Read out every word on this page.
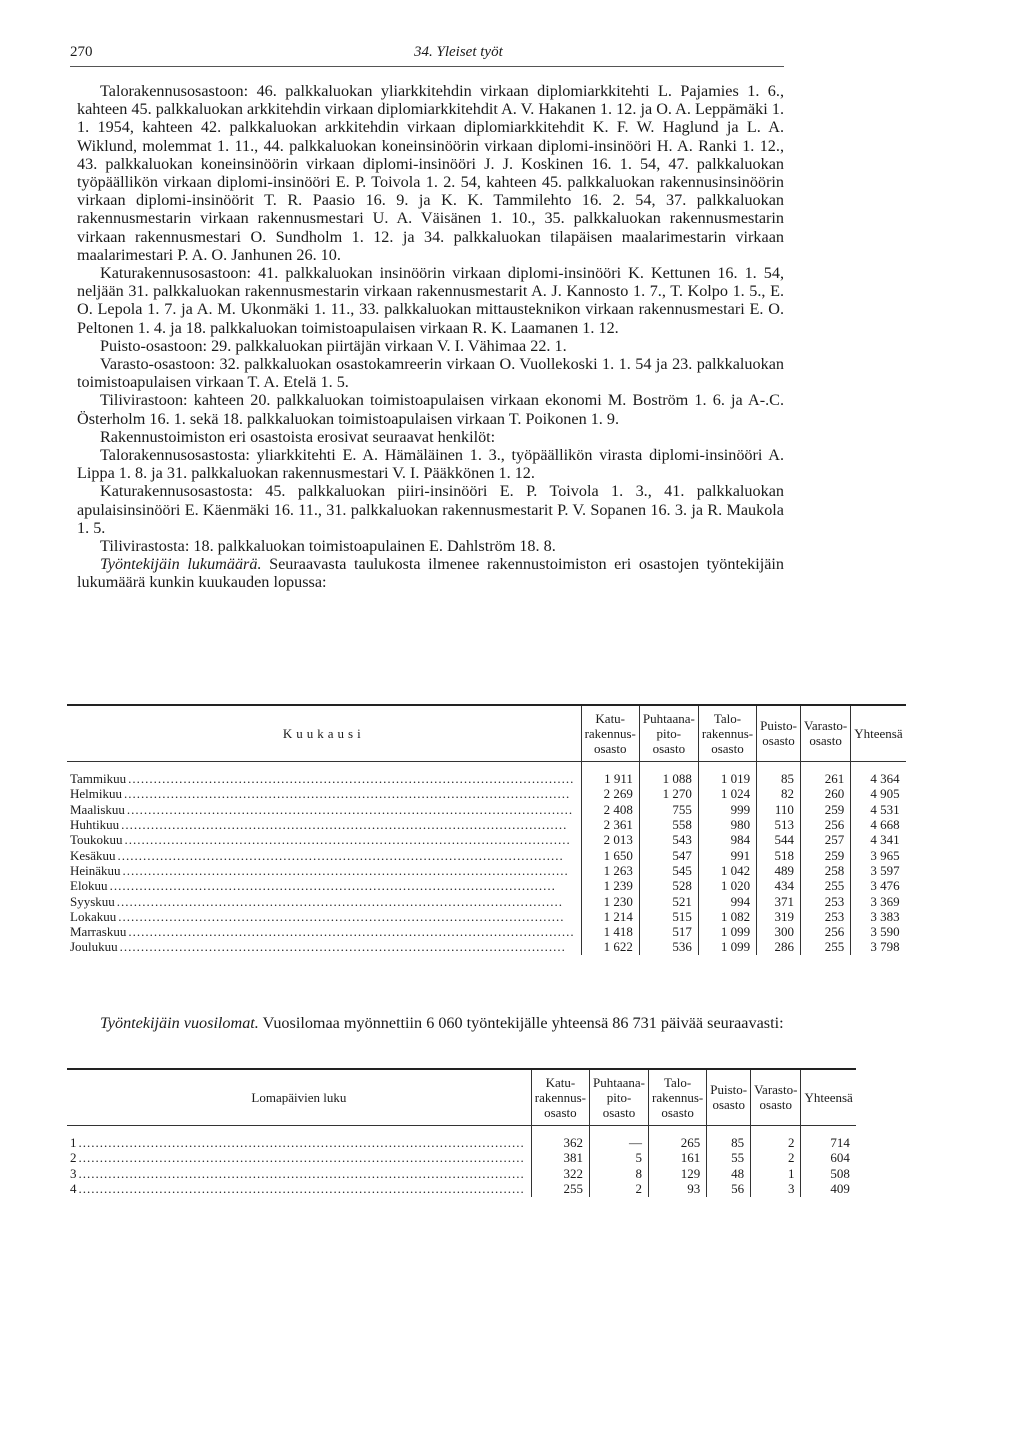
270	34. Yleiset työt

Talorakennusosastoon: 46. palkkaluokan yliarkkitehdin virkaan diplomiarkkitehti L. Pajamies 1. 6., kahteen 45. palkkaluokan arkkitehdin virkaan diplomiarkkitehdit A. V. Hakanen 1. 12. ja O. A. Leppämäki 1. 1. 1954, kahteen 42. palkkaluokan arkkitehdin virkaan diplomiarkkitehdit K. F. W. Haglund ja L. A. Wiklund, molemmat 1. 11., 44. palkkaluokan koneinsinöörin virkaan diplomi-insinööri H. A. Ranki 1. 12., 43. palkkaluokan koneinsinöörin virkaan diplomi-insinööri J. J. Koskinen 16. 1. 54, 47. palkkaluokan työpäällikön virkaan diplomi-insinööri E. P. Toivola 1. 2. 54, kahteen 45. palkkaluokan rakennusinsinöörin virkaan diplomi-insinöörit T. R. Paasio 16. 9. ja K. K. Tammilehto 16. 2. 54, 37. palkkaluokan rakennusmestarin virkaan rakennusmestari U. A. Väisänen 1. 10., 35. palkkaluokan rakennusmestarin virkaan rakennusmestari O. Sundholm 1. 12. ja 34. palkkaluokan tilapäisen maalarimestarin virkaan maalarimestari P. A. O. Janhunen 26. 10.

Katurakennusosastoon: 41. palkkaluokan insinöörin virkaan diplomi-insinööri K. Kettunen 16. 1. 54, neljään 31. palkkaluokan rakennusmestarin virkaan rakennusmestarit A. J. Kannosto 1. 7., T. Kolpo 1. 5., E. O. Lepola 1. 7. ja A. M. Ukonmäki 1. 11., 33. palkkaluokan mittausteknikon virkaan rakennusmestari E. O. Peltonen 1. 4. ja 18. palkkaluokan toimistoapulaisen virkaan R. K. Laamanen 1. 12.

Puisto-osastoon: 29. palkkaluokan piirtäjän virkaan V. I. Vähimaa 22. 1.

Varasto-osastoon: 32. palkkaluokan osastokamreerin virkaan O. Vuollekoski 1. 1. 54 ja 23. palkkaluokan toimistoapulaisen virkaan T. A. Etelä 1. 5.

Tilivirastoon: kahteen 20. palkkaluokan toimistoapulaisen virkaan ekonomi M. Boström 1. 6. ja A-.C. Österholm 16. 1. sekä 18. palkkaluokan toimistoapulaisen virkaan T. Poikonen 1. 9.

Rakennustoimiston eri osastoista erosivat seuraavat henkilöt:

Talorakennusosastosta: yliarkkitehti E. A. Hämäläinen 1. 3., työpäällikön virasta diplomi-insinööri A. Lippa 1. 8. ja 31. palkkaluokan rakennusmestari V. I. Pääkkönen 1. 12.

Katurakennusosastosta: 45. palkkaluokan piiri-insinööri E. P. Toivola 1. 3., 41. palkkaluokan apulaisinsinööri E. Käenmäki 16. 11., 31. palkkaluokan rakennusmestarit P. V. Sopanen 16. 3. ja R. Maukola 1. 5.

Tilivirastosta: 18. palkkaluokan toimistoapulainen E. Dahlström 18. 8.

Työntekijäin lukumäärä. Seuraavasta taulukosta ilmenee rakennustoimiston eri osastojen työntekijäin lukumäärä kunkin kuukauden lopussa:

Kuukausi	Katu-
rakennus-
osasto	Puhtaana-
pito-
osasto	Talo-
rakennus-
osasto	Puisto-
osasto	Varasto-
osasto	Yhteensä

Tammikuu
.....	1 911	1 088	1 019	85	261	4 364

Helmikuu
.....	2 269	1 270	1 024	82	260	4 905

Maaliskuu
.....	2 408	755	999	110	259	4 531

Huhtikuu
.....	2 361	558	980	513	256	4 668

Toukokuu
.....	2 013	543	984	544	257	4 341

Kesäkuu
.....	1 650	547	991	518	259	3 965

Heinäkuu
.....	1 263	545	1 042	489	258	3 597

Elokuu
.....	1 239	528	1 020	434	255	3 476

Syyskuu
.....	1 230	521	994	371	253	3 369

Lokakuu
.....	1 214	515	1 082	319	253	3 383

Marraskuu
.....	1 418	517	1 099	300	256	3 590

Joulukuu
.....	1 622	536	1 099	286	255	3 798

Työntekijäin vuosilomat. Vuosilomaa myönnettiin 6 060 työntekijälle yhteensä 86 731 päivää seuraavasti:

Lomapäivien luku	Katu-
rakennus-
osasto	Puhtaana-
pito-
osasto	Talo-
rakennus-
osasto	Puisto-
osasto	Varasto-
osasto	Yhteensä

1
.....	362	—	265	85	2	714

2
.....	381	5	161	55	2	604

3
.....	322	8	129	48	1	508

4
.....	255	2	93	56	3	409
